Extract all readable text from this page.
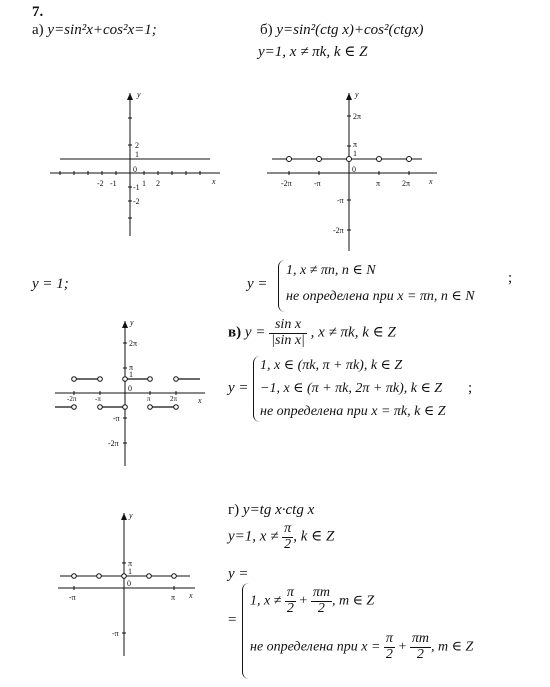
7.
а) y=sin²x+cos²x=1;	б) y=sin²(ctg x)+cos²(ctgx)
y=1, x ≠ πk, k ∈ Z
y
x
0
2
1
-1
-2
-2 -1	1 2
y
x
0
2π
π
1
-π
-2π
-2π	-π	π	2π
y = 1;	y =
1, x ≠ πn, n ∈ N
не определена при x = πn, n ∈ N
;
y
x
0
2π
π
1
-π
-2π
-2π	-π	π	2π
в) $y = \frac{\text{sin x}}{\text{|sin x|}}$ , x ≠ πk, k ∈ Z
y =
1, x ∈ (πk, π + πk), k ∈ Z
−1, x ∈ (π + πk, 2π + πk), k ∈ Z ;
не определена при x = πk, k ∈ Z
г) y=tg x·ctg x
y=1, $x \ne \frac{\pi}{2}$ , k ∈ Z
y =
=
1, $x \ne \frac{\pi}{2} + \frac{\pi m}{2}$ , m ∈ Z
не определена при $x = \frac{\pi}{2} + \frac{\pi m}{2}$ , m ∈ Z
y
x
0
π
1
-π
-π	π
